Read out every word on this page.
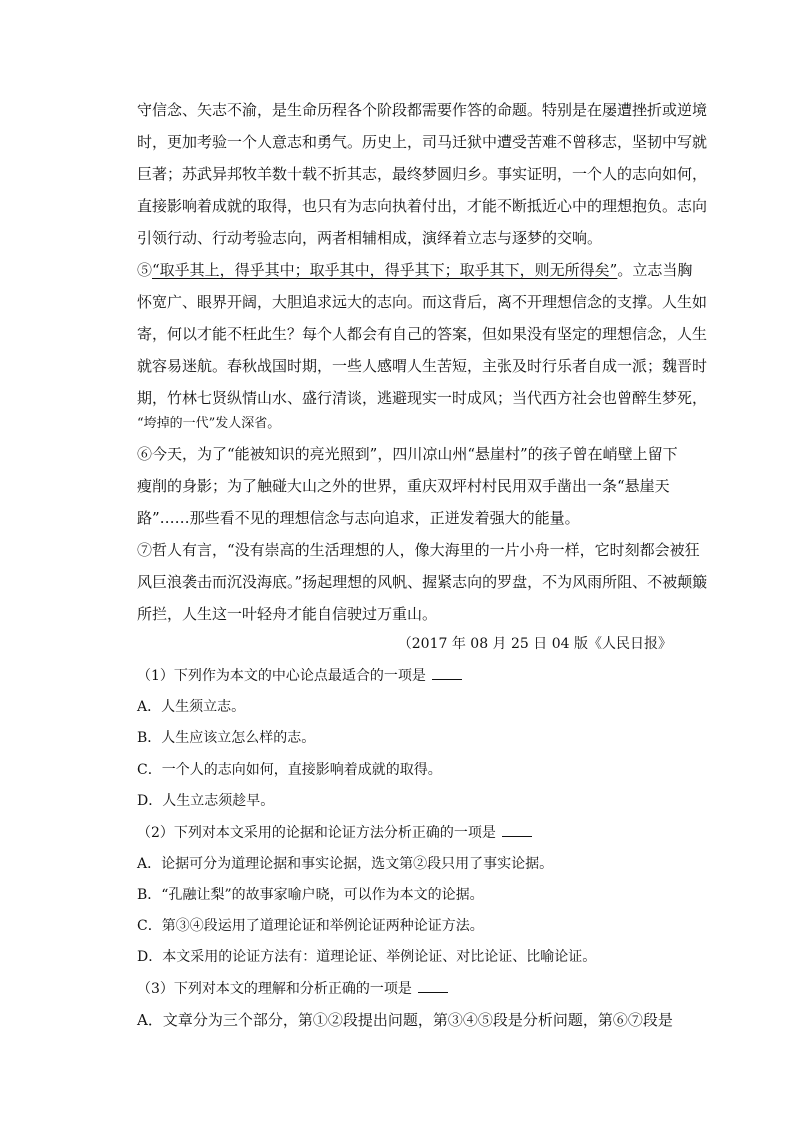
守信念、矢志不渝，是生命历程各个阶段都需要作答的命题。特别是在屡遭挫折或逆境
时，更加考验一个人意志和勇气。历史上，司马迁狱中遭受苦难不曾移志，坚韧中写就
巨著；苏武异邦牧羊数十载不折其志，最终梦圆归乡。事实证明，一个人的志向如何，
直接影响着成就的取得，也只有为志向执着付出，才能不断抵近心中的理想抱负。志向
引领行动、行动考验志向，两者相辅相成，演绎着立志与逐梦的交响。
⑤“取乎其上，得乎其中；取乎其中，得乎其下；取乎其下，则无所得矣”。立志当胸
怀宽广、眼界开阔，大胆追求远大的志向。而这背后，离不开理想信念的支撑。人生如
寄，何以才能不枉此生？每个人都会有自己的答案，但如果没有坚定的理想信念，人生
就容易迷航。春秋战国时期，一些人感喟人生苦短，主张及时行乐者自成一派；魏晋时
期，竹林七贤纵情山水、盛行清谈，逃避现实一时成风；当代西方社会也曾醉生梦死，
“垮掉的一代”发人深省。
⑥今天，为了“能被知识的亮光照到”，四川凉山州“悬崖村”的孩子曾在峭壁上留下
瘦削的身影；为了触碰大山之外的世界，重庆双坪村村民用双手凿出一条“悬崖天
路”……那些看不见的理想信念与志向追求，正迸发着强大的能量。
⑦哲人有言，“没有崇高的生活理想的人，像大海里的一片小舟一样，它时刻都会被狂
风巨浪袭击而沉没海底。”扬起理想的风帆、握紧志向的罗盘，不为风雨所阻、不被颠簸
所拦，人生这一叶轻舟才能自信驶过万重山。
（2017 年 08 月 25 日 04 版《人民日报》
（1）下列作为本文的中心论点最适合的一项是
A．人生须立志。
B．人生应该立怎么样的志。
C．一个人的志向如何，直接影响着成就的取得。
D．人生立志须趁早。
（2）下列对本文采用的论据和论证方法分析正确的一项是
A．论据可分为道理论据和事实论据，选文第②段只用了事实论据。
B．“孔融让梨”的故事家喻户晓，可以作为本文的论据。
C．第③④段运用了道理论证和举例论证两种论证方法。
D．本文采用的论证方法有：道理论证、举例论证、对比论证、比喻论证。
（3）下列对本文的理解和分析正确的一项是
A．文章分为三个部分，第①②段提出问题，第③④⑤段是分析问题，第⑥⑦段是
